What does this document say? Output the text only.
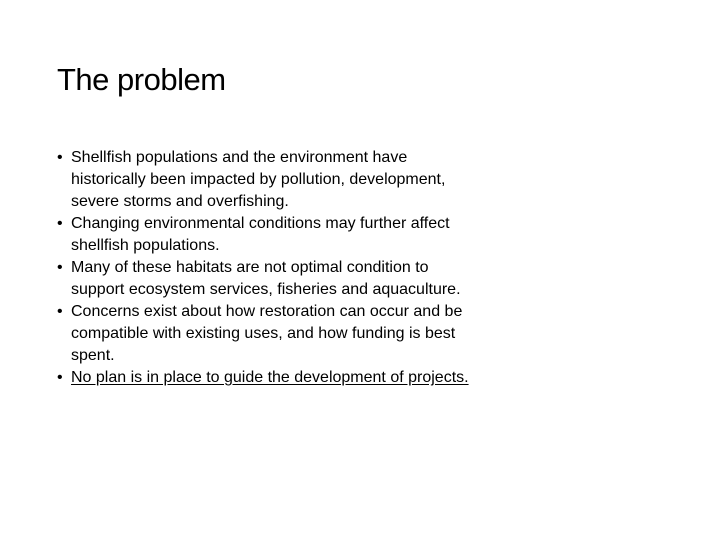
The problem
• Shellfish populations and the environment have historically been impacted by pollution, development, severe storms and overfishing.
• Changing environmental conditions may further affect shellfish populations.
• Many of these habitats are not optimal condition to support ecosystem services, fisheries and aquaculture.
• Concerns exist about how restoration can occur and be compatible with existing uses, and how funding is best spent.
• No plan is in place to guide the development of projects.
